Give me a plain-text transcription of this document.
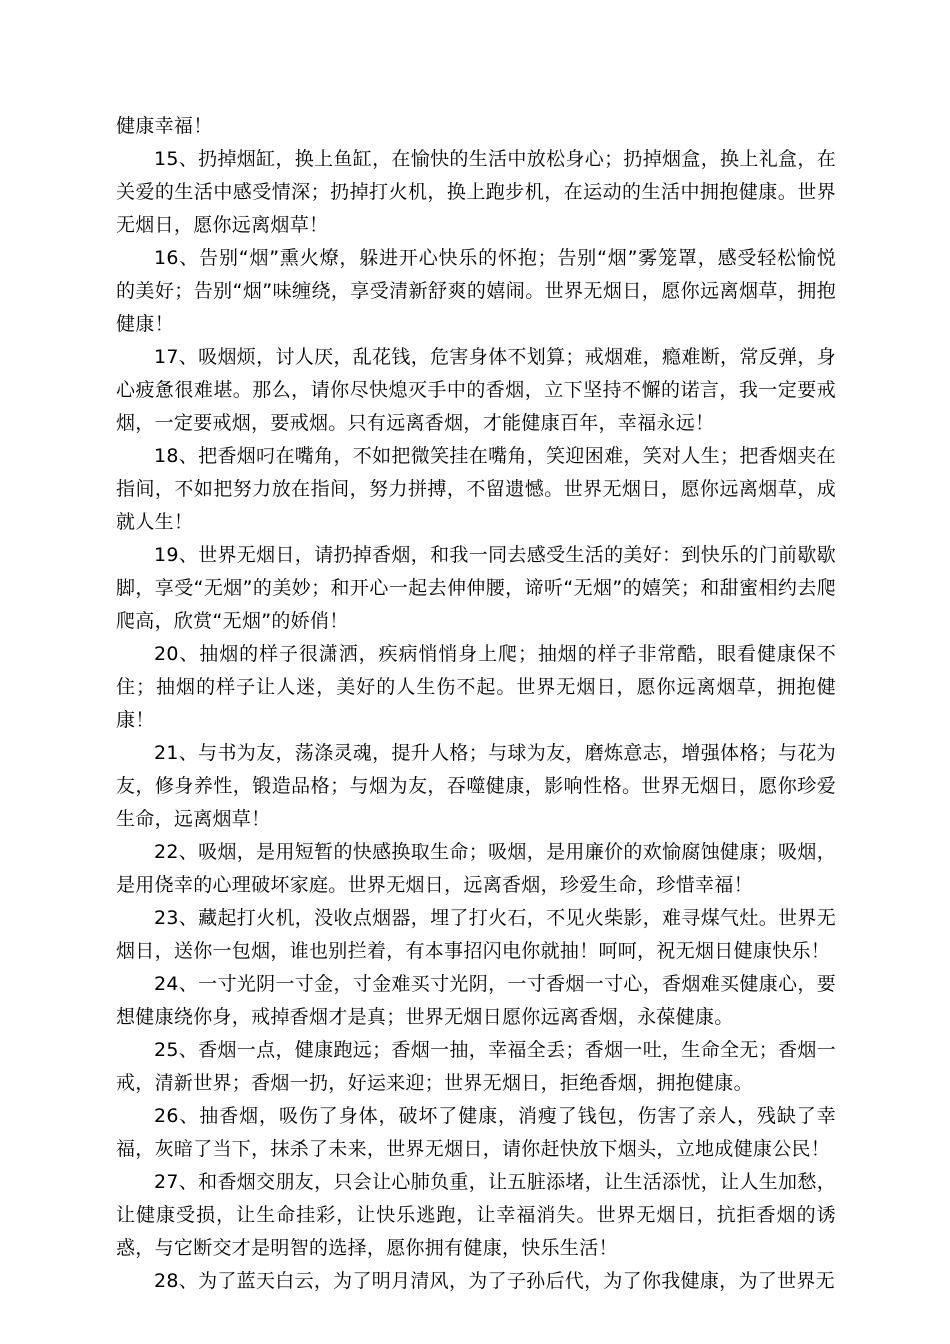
健康幸福！

15、扔掉烟缸，换上鱼缸，在愉快的生活中放松身心；扔掉烟盒，换上礼盒，在关爱的生活中感受情深；扔掉打火机，换上跑步机，在运动的生活中拥抱健康。世界无烟日，愿你远离烟草！

16、告别“烟”熏火燎，躲进开心快乐的怀抱；告别“烟”雾笼罩，感受轻松愉悦的美好；告别“烟”味缠绕，享受清新舒爽的嬉闹。世界无烟日，愿你远离烟草，拥抱健康！

17、吸烟烦，讨人厌，乱花钱，危害身体不划算；戒烟难，瘾难断，常反弹，身心疲惫很难堪。那么，请你尽快熄灭手中的香烟，立下坚持不懈的诺言，我一定要戒烟，一定要戒烟，要戒烟。只有远离香烟，才能健康百年，幸福永远！

18、把香烟叼在嘴角，不如把微笑挂在嘴角，笑迎困难，笑对人生；把香烟夹在指间，不如把努力放在指间，努力拼搏，不留遗憾。世界无烟日，愿你远离烟草，成就人生！

19、世界无烟日，请扔掉香烟，和我一同去感受生活的美好：到快乐的门前歇歇脚，享受“无烟”的美妙；和开心一起去伸伸腰，谛听“无烟”的嬉笑；和甜蜜相约去爬爬高，欣赏“无烟”的娇俏！

20、抽烟的样子很潇洒，疾病悄悄身上爬；抽烟的样子非常酷，眼看健康保不住；抽烟的样子让人迷，美好的人生伤不起。世界无烟日，愿你远离烟草，拥抱健康！

21、与书为友，荡涤灵魂，提升人格；与球为友，磨炼意志，增强体格；与花为友，修身养性，锻造品格；与烟为友，吞噬健康，影响性格。世界无烟日，愿你珍爱生命，远离烟草！

22、吸烟，是用短暂的快感换取生命；吸烟，是用廉价的欢愉腐蚀健康；吸烟，是用侥幸的心理破坏家庭。世界无烟日，远离香烟，珍爱生命，珍惜幸福！

23、藏起打火机，没收点烟器，埋了打火石，不见火柴影，难寻煤气灶。世界无烟日，送你一包烟，谁也别拦着，有本事招闪电你就抽！呵呵，祝无烟日健康快乐！

24、一寸光阴一寸金，寸金难买寸光阴，一寸香烟一寸心，香烟难买健康心，要想健康绕你身，戒掉香烟才是真；世界无烟日愿你远离香烟，永葆健康。

25、香烟一点，健康跑远；香烟一抽，幸福全丢；香烟一吐，生命全无；香烟一戒，清新世界；香烟一扔，好运来迎；世界无烟日，拒绝香烟，拥抱健康。

26、抽香烟，吸伤了身体，破坏了健康，消瘦了钱包，伤害了亲人，残缺了幸福，灰暗了当下，抹杀了未来，世界无烟日，请你赶快放下烟头，立地成健康公民！

27、和香烟交朋友，只会让心肺负重，让五脏添堵，让生活添忧，让人生加愁，让健康受损，让生命挂彩，让快乐逃跑，让幸福消失。世界无烟日，抗拒香烟的诱惑，与它断交才是明智的选择，愿你拥有健康，快乐生活！

28、为了蓝天白云，为了明月清风，为了子孙后代，为了你我健康，为了世界无
